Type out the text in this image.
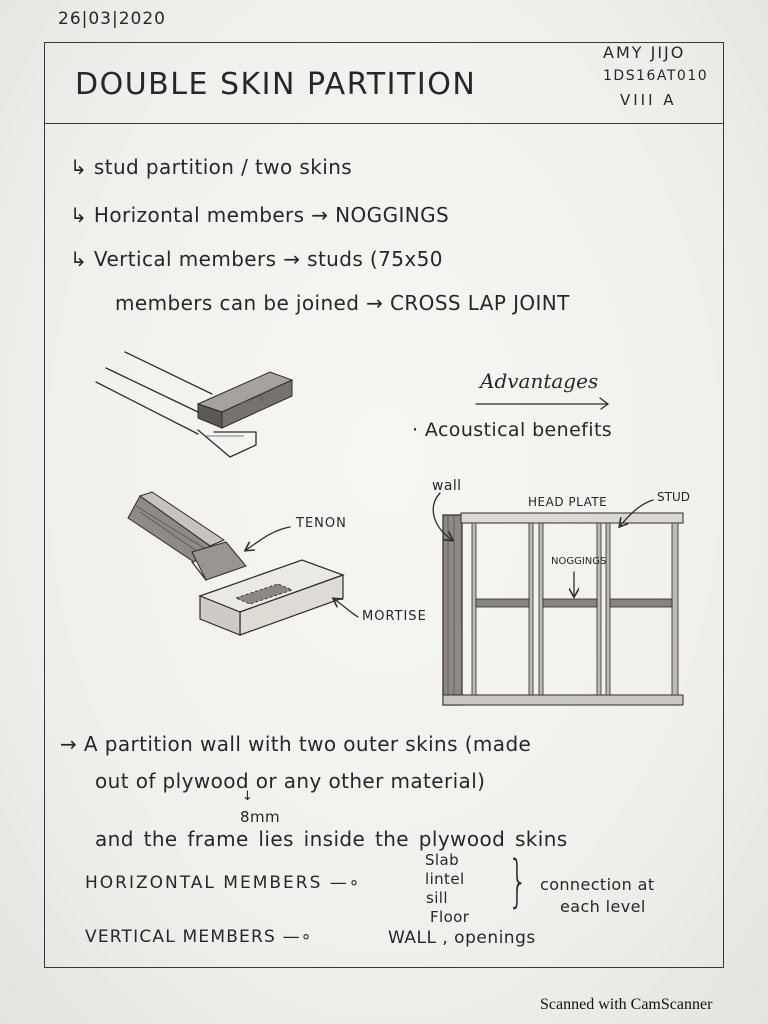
26|03|2020
DOUBLE SKIN PARTITION
AMY JIJO
1DS16AT010
VIII A
↳ stud partition / two skins
↳ Horizontal members → NOGGINGS
↳ Vertical members → studs (75x50
members can be joined → CROSS LAP JOINT
Advantages
· Acoustical benefits
TENON
MORTISE
wall
HEAD PLATE	STUD
NOGGINGS
→ A partition wall with two outer skins (made
out of plywood or any other material)
↓
8mm
and the frame lies inside the plywood skins
HORIZONTAL MEMBERS —∘
Slab
lintel
sill
Floor
} connection at
each level
VERTICAL MEMBERS —∘	WALL , openings
Scanned with CamScanner
